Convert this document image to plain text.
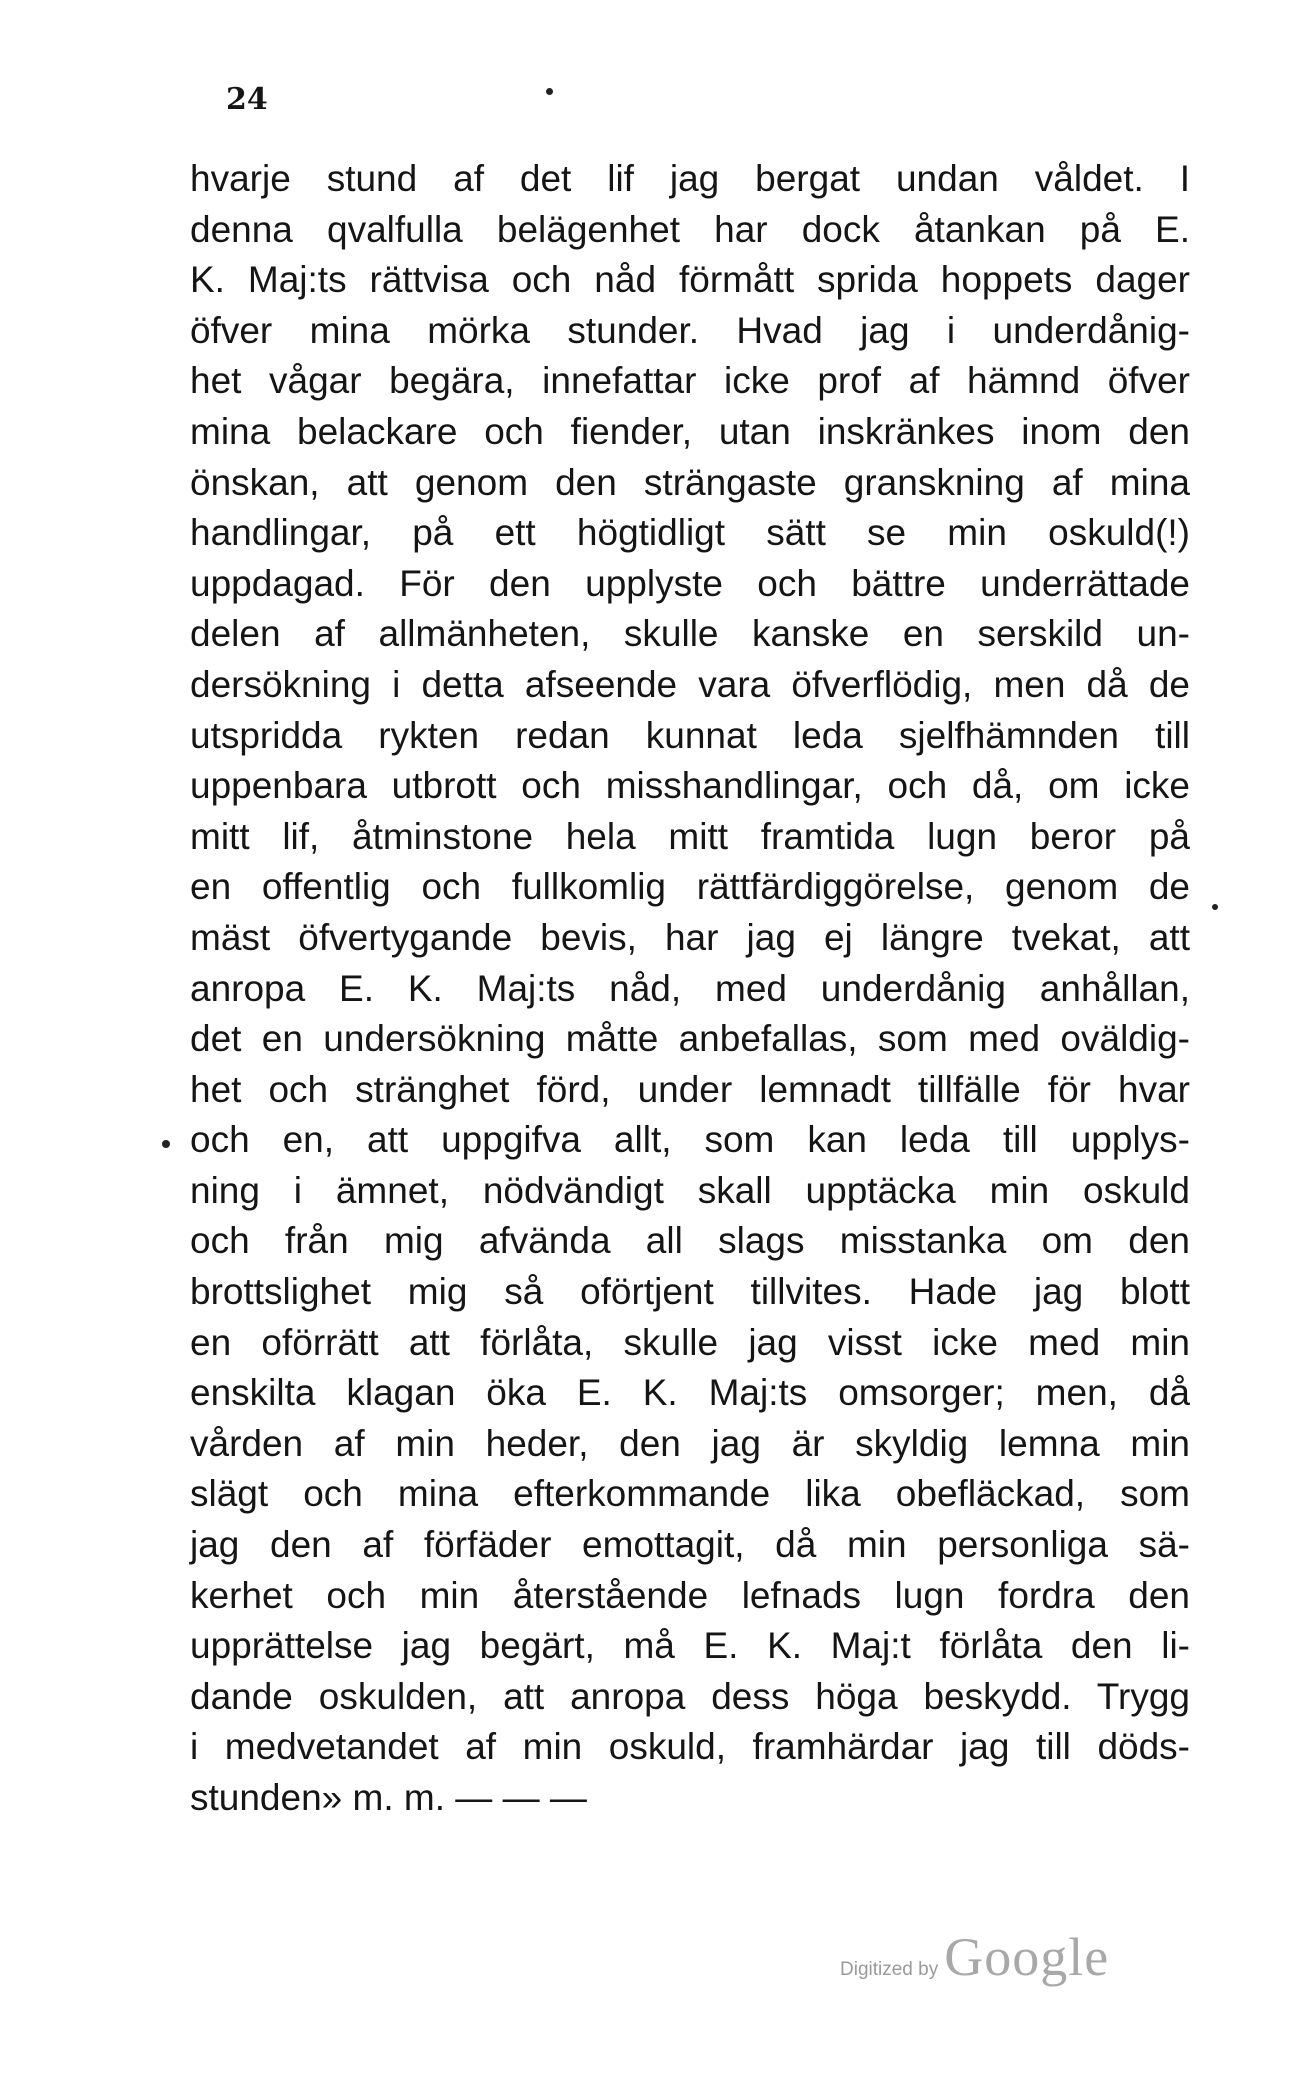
24
hvarje stund af det lif jag bergat undan våldet. I
denna qvalfulla belägenhet har dock åtankan på E.
K. Maj:ts rättvisa och nåd förmått sprida hoppets dager
öfver mina mörka stunder. Hvad jag i underdånig-
het vågar begära, innefattar icke prof af hämnd öfver
mina belackare och fiender, utan inskränkes inom den
önskan, att genom den strängaste granskning af mina
handlingar, på ett högtidligt sätt se min oskuld(!)
uppdagad. För den upplyste och bättre underrättade
delen af allmänheten, skulle kanske en serskild un-
dersökning i detta afseende vara öfverflödig, men då de
utspridda rykten redan kunnat leda sjelfhämnden till
uppenbara utbrott och misshandlingar, och då, om icke
mitt lif, åtminstone hela mitt framtida lugn beror på
en offentlig och fullkomlig rättfärdiggörelse, genom de
mäst öfvertygande bevis, har jag ej längre tvekat, att
anropa E. K. Maj:ts nåd, med underdånig anhållan,
det en undersökning måtte anbefallas, som med oväldig-
het och stränghet förd, under lemnadt tillfälle för hvar
och en, att uppgifva allt, som kan leda till upplys-
ning i ämnet, nödvändigt skall upptäcka min oskuld
och från mig afvända all slags misstanka om den
brottslighet mig så oförtjent tillvites. Hade jag blott
en oförrätt att förlåta, skulle jag visst icke med min
enskilta klagan öka E. K. Maj:ts omsorger; men, då
vården af min heder, den jag är skyldig lemna min
slägt och mina efterkommande lika obefläckad, som
jag den af förfäder emottagit, då min personliga sä-
kerhet och min återstående lefnads lugn fordra den
upprättelse jag begärt, må E. K. Maj:t förlåta den li-
dande oskulden, att anropa dess höga beskydd. Trygg
i medvetandet af min oskuld, framhärdar jag till döds-
stunden» m. m. — — —
Digitized by Google
